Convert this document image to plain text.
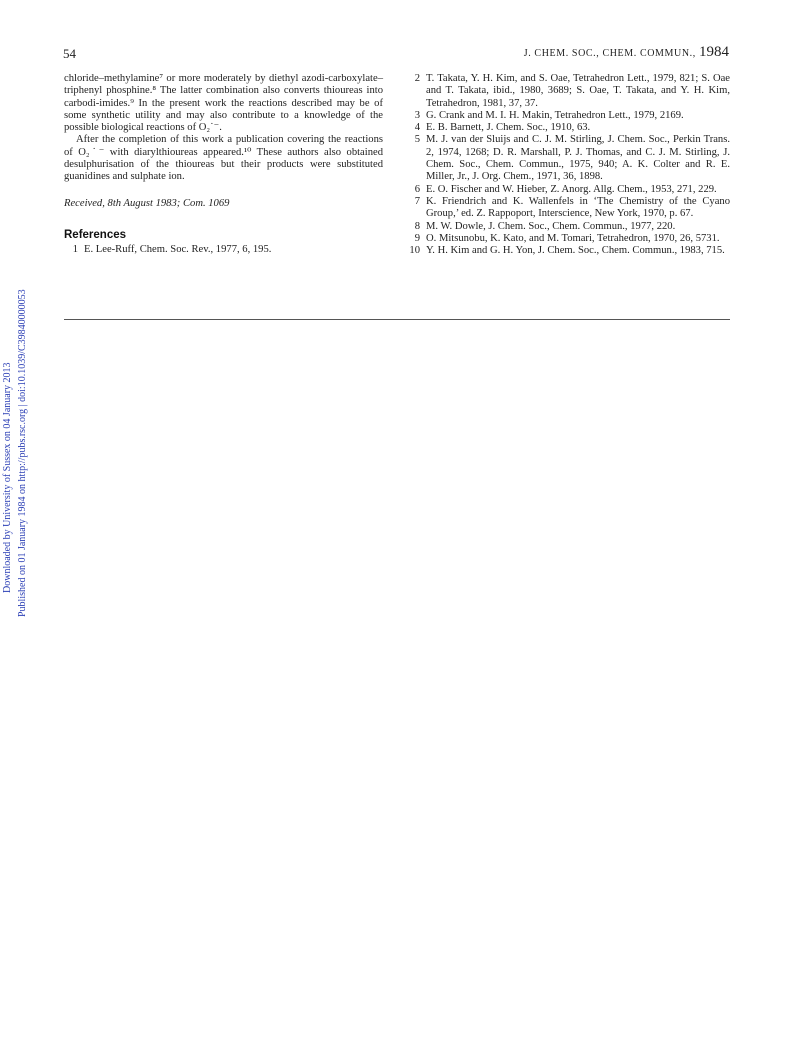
54	J. CHEM. SOC., CHEM. COMMUN., 1984

chloride–methylamine⁷ or more moderately by diethyl azodi-carboxylate–triphenyl phosphine.⁸ The latter combination also converts thioureas into carbodi-imides.⁹ In the present work the reactions described may be of some synthetic utility and may also contribute to a knowledge of the possible biological reactions of O₂˙⁻.

After the completion of this work a publication covering the reactions of O₂˙⁻ with diarylthioureas appeared.¹⁰ These authors also obtained desulphurisation of the thioureas but their products were substituted guanidines and sulphate ion.

Received, 8th August 1983; Com. 1069

References
1 E. Lee-Ruff, Chem. Soc. Rev., 1977, 6, 195.
2 T. Takata, Y. H. Kim, and S. Oae, Tetrahedron Lett., 1979, 821; S. Oae and T. Takata, ibid., 1980, 3689; S. Oae, T. Takata, and Y. H. Kim, Tetrahedron, 1981, 37, 37.
3 G. Crank and M. I. H. Makin, Tetrahedron Lett., 1979, 2169.
4 E. B. Barnett, J. Chem. Soc., 1910, 63.
5 M. J. van der Sluijs and C. J. M. Stirling, J. Chem. Soc., Perkin Trans. 2, 1974, 1268; D. R. Marshall, P. J. Thomas, and C. J. M. Stirling, J. Chem. Soc., Chem. Commun., 1975, 940; A. K. Colter and R. E. Miller, Jr., J. Org. Chem., 1971, 36, 1898.
6 E. O. Fischer and W. Hieber, Z. Anorg. Allg. Chem., 1953, 271, 229.
7 K. Friendrich and K. Wallenfels in ‘The Chemistry of the Cyano Group,’ ed. Z. Rappoport, Interscience, New York, 1970, p. 67.
8 M. W. Dowle, J. Chem. Soc., Chem. Commun., 1977, 220.
9 O. Mitsunobu, K. Kato, and M. Tomari, Tetrahedron, 1970, 26, 5731.
10 Y. H. Kim and G. H. Yon, J. Chem. Soc., Chem. Commun., 1983, 715.
Downloaded by University of Sussex on 04 January 2013 Published on 01 January 1984 on http://pubs.rsc.org | doi:10.1039/C39840000053
